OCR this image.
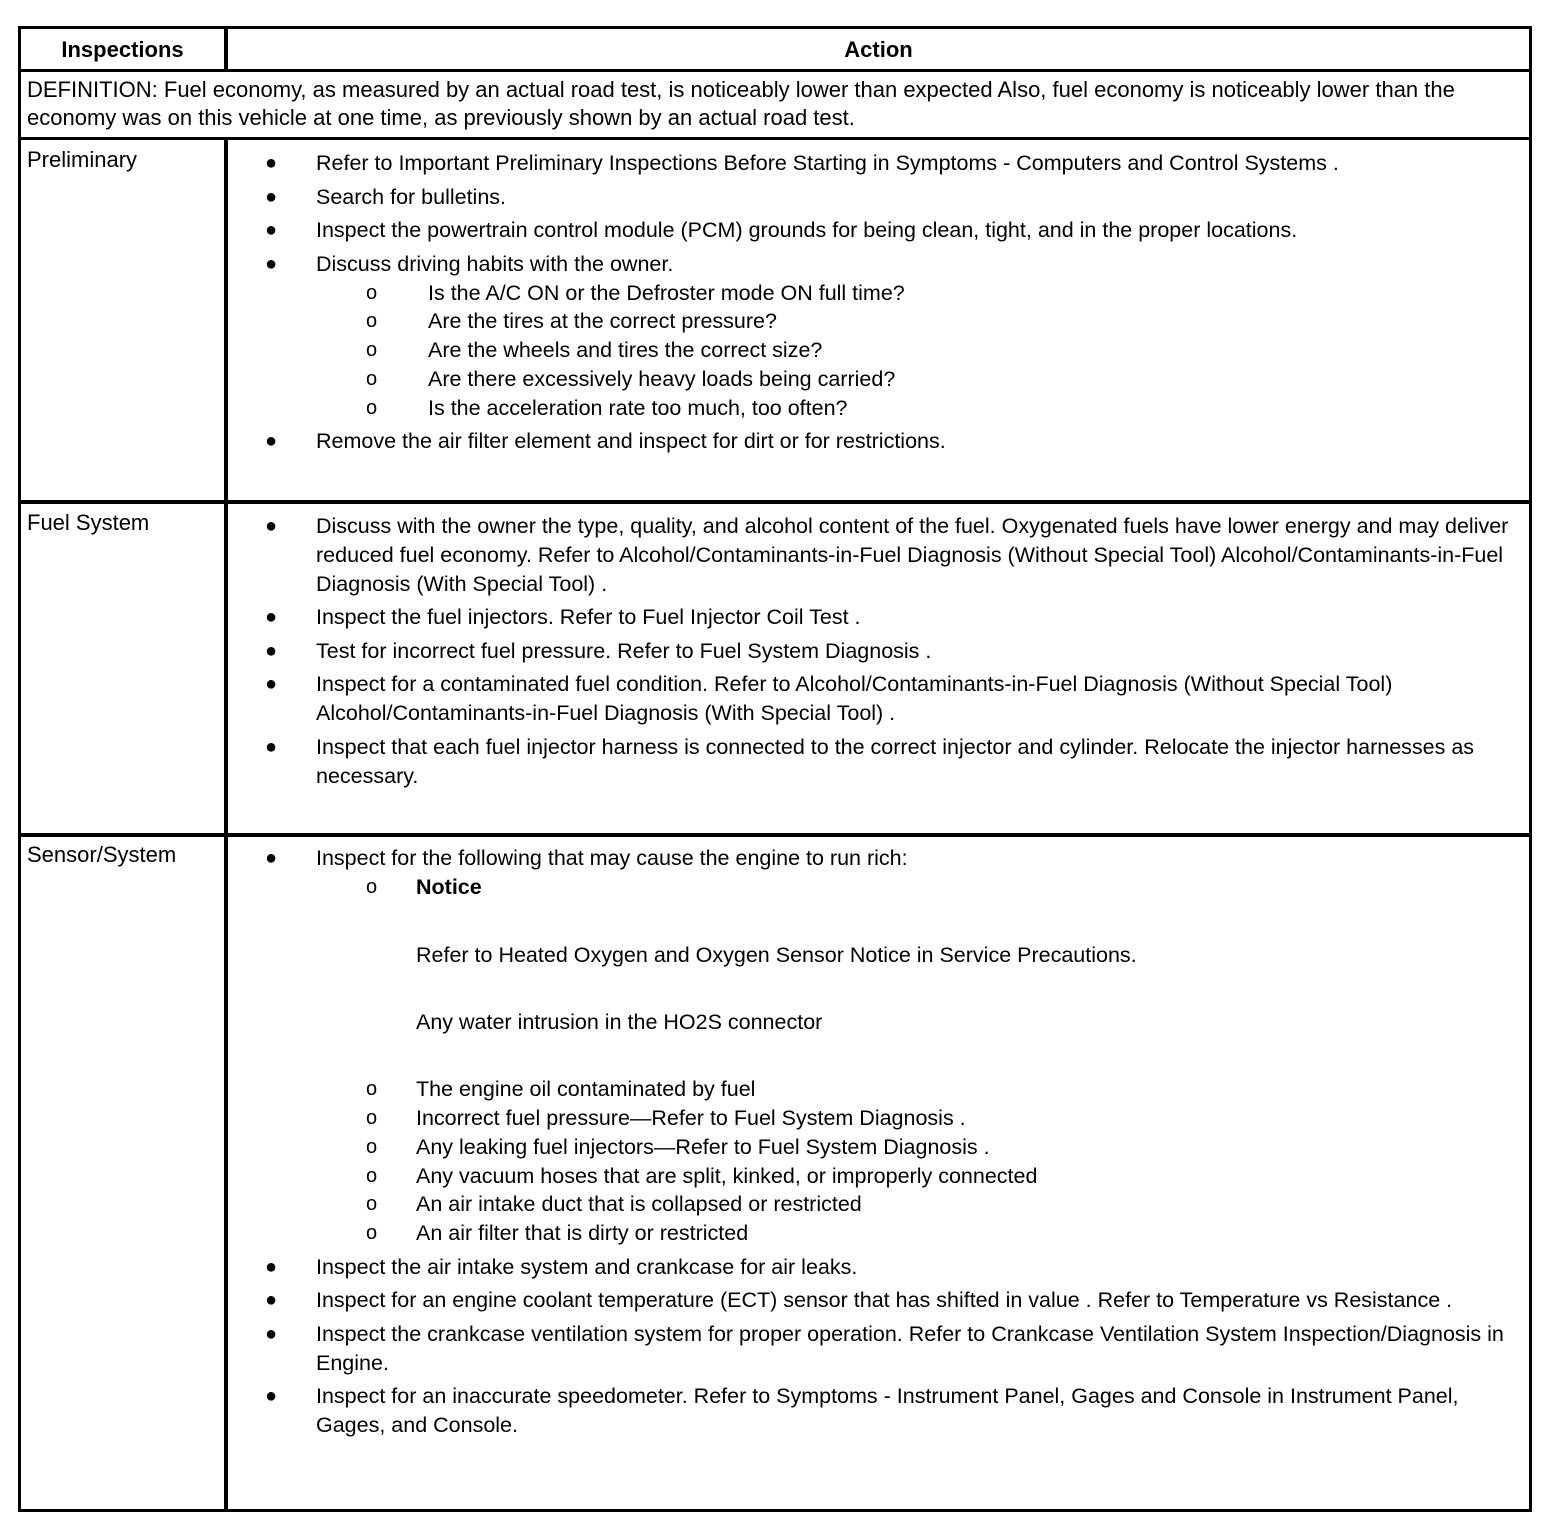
Inspections	Action
DEFINITION: Fuel economy, as measured by an actual road test, is noticeably lower than expected Also, fuel economy is noticeably lower than the economy was on this vehicle at one time, as previously shown by an actual road test.
Preliminary	●	Refer to Important Preliminary Inspections Before Starting in Symptoms - Computers and Control Systems .
●	Search for bulletins.
●	Inspect the powertrain control module (PCM) grounds for being clean, tight, and in the proper locations.
●	Discuss driving habits with the owner.
o Is the A/C ON or the Defroster mode ON full time?
o Are the tires at the correct pressure?
o Are the wheels and tires the correct size?
o Are there excessively heavy loads being carried?
o Is the acceleration rate too much, too often?
●	Remove the air filter element and inspect for dirt or for restrictions.
Fuel System	●	Discuss with the owner the type, quality, and alcohol content of the fuel. Oxygenated fuels have lower energy and may deliver reduced fuel economy. Refer to Alcohol/Contaminants-in-Fuel Diagnosis (Without Special Tool) Alcohol/Contaminants-in-Fuel Diagnosis (With Special Tool) .
●	Inspect the fuel injectors. Refer to Fuel Injector Coil Test .
●	Test for incorrect fuel pressure. Refer to Fuel System Diagnosis .
●	Inspect for a contaminated fuel condition. Refer to Alcohol/Contaminants-in-Fuel Diagnosis (Without Special Tool) Alcohol/Contaminants-in-Fuel Diagnosis (With Special Tool) .
●	Inspect that each fuel injector harness is connected to the correct injector and cylinder. Relocate the injector harnesses as necessary.
Sensor/System	●	Inspect for the following that may cause the engine to run rich:
o Notice
Refer to Heated Oxygen and Oxygen Sensor Notice in Service Precautions.
Any water intrusion in the HO2S connector
o	The engine oil contaminated by fuel
o	Incorrect fuel pressure—Refer to Fuel System Diagnosis .
o	Any leaking fuel injectors—Refer to Fuel System Diagnosis .
o	Any vacuum hoses that are split, kinked, or improperly connected
o	An air intake duct that is collapsed or restricted
o	An air filter that is dirty or restricted
●	Inspect the air intake system and crankcase for air leaks.
●	Inspect for an engine coolant temperature (ECT) sensor that has shifted in value . Refer to Temperature vs Resistance .
●	Inspect the crankcase ventilation system for proper operation. Refer to Crankcase Ventilation System Inspection/Diagnosis in Engine.
●	Inspect for an inaccurate speedometer. Refer to Symptoms - Instrument Panel, Gages and Console in Instrument Panel, Gages, and Console.
